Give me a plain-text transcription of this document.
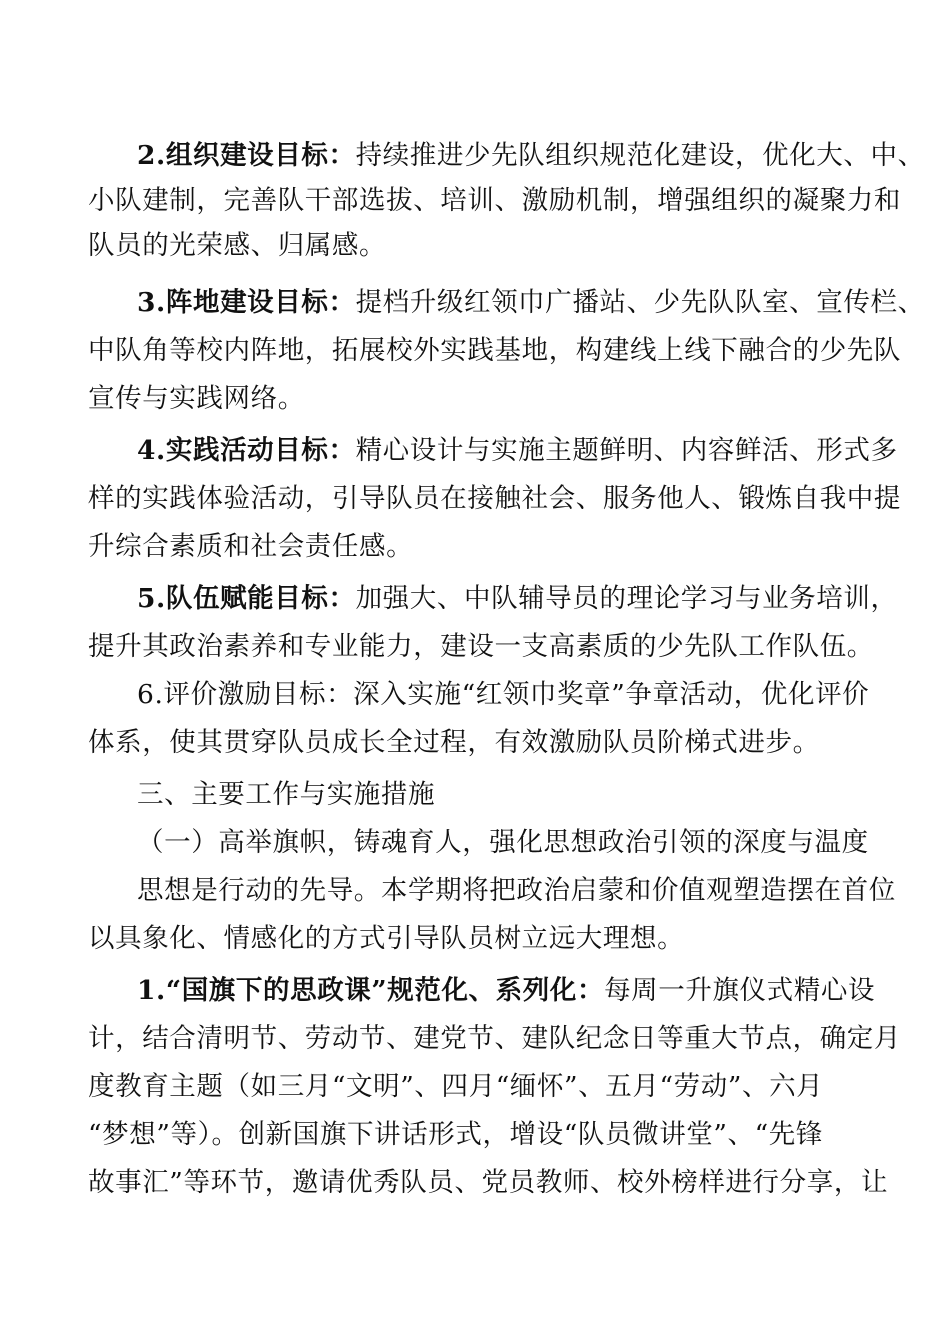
2.组织建设目标：持续推进少先队组织规范化建设，优化大、中、
小队建制，完善队干部选拔、培训、激励机制，增强组织的凝聚力和
队员的光荣感、归属感。
3.阵地建设目标：提档升级红领巾广播站、少先队队室、宣传栏、
中队角等校内阵地，拓展校外实践基地，构建线上线下融合的少先队
宣传与实践网络。
4.实践活动目标：精心设计与实施主题鲜明、内容鲜活、形式多
样的实践体验活动，引导队员在接触社会、服务他人、锻炼自我中提
升综合素质和社会责任感。
5.队伍赋能目标：加强大、中队辅导员的理论学习与业务培训，
提升其政治素养和专业能力，建设一支高素质的少先队工作队伍。
6.评价激励目标：深入实施“红领巾奖章”争章活动，优化评价
体系，使其贯穿队员成长全过程，有效激励队员阶梯式进步。
三、主要工作与实施措施
（一）高举旗帜，铸魂育人，强化思想政治引领的深度与温度
思想是行动的先导。本学期将把政治启蒙和价值观塑造摆在首位
以具象化、情感化的方式引导队员树立远大理想。
1.“国旗下的思政课”规范化、系列化：每周一升旗仪式精心设
计，结合清明节、劳动节、建党节、建队纪念日等重大节点，确定月
度教育主题（如三月“文明”、四月“缅怀”、五月“劳动”、六月
“梦想”等）。创新国旗下讲话形式，增设“队员微讲堂”、“先锋
故事汇”等环节，邀请优秀队员、党员教师、校外榜样进行分享，让
